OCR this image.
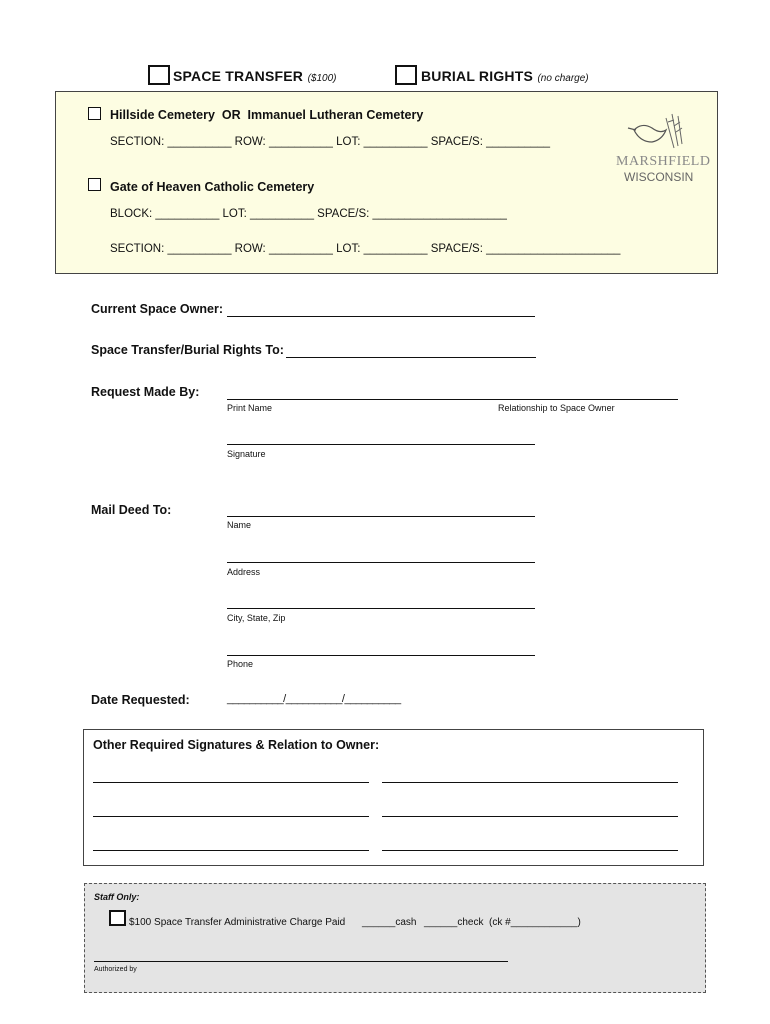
SPACE TRANSFER ($100)	BURIAL RIGHTS (no charge)
Hillside Cemetery  OR  Immanuel Lutheran Cemetery
SECTION: __________ ROW: __________ LOT: __________ SPACE/S: __________
Gate of Heaven Catholic Cemetery
BLOCK: __________ LOT: __________ SPACE/S: _____________________
SECTION: __________ ROW: __________ LOT: __________ SPACE/S: _____________________
MARSHFIELD
WISCONSIN
Current Space Owner:
Space Transfer/Burial Rights To:
Request Made By:
Print Name	Relationship to Space Owner
Signature
Mail Deed To:
Name
Address
City, State, Zip
Phone
Date Requested:	__________/__________/__________
Other Required Signatures & Relation to Owner:
Staff Only:
$100 Space Transfer Administrative Charge Paid ______cash ______check  (ck #____________)
Authorized by
